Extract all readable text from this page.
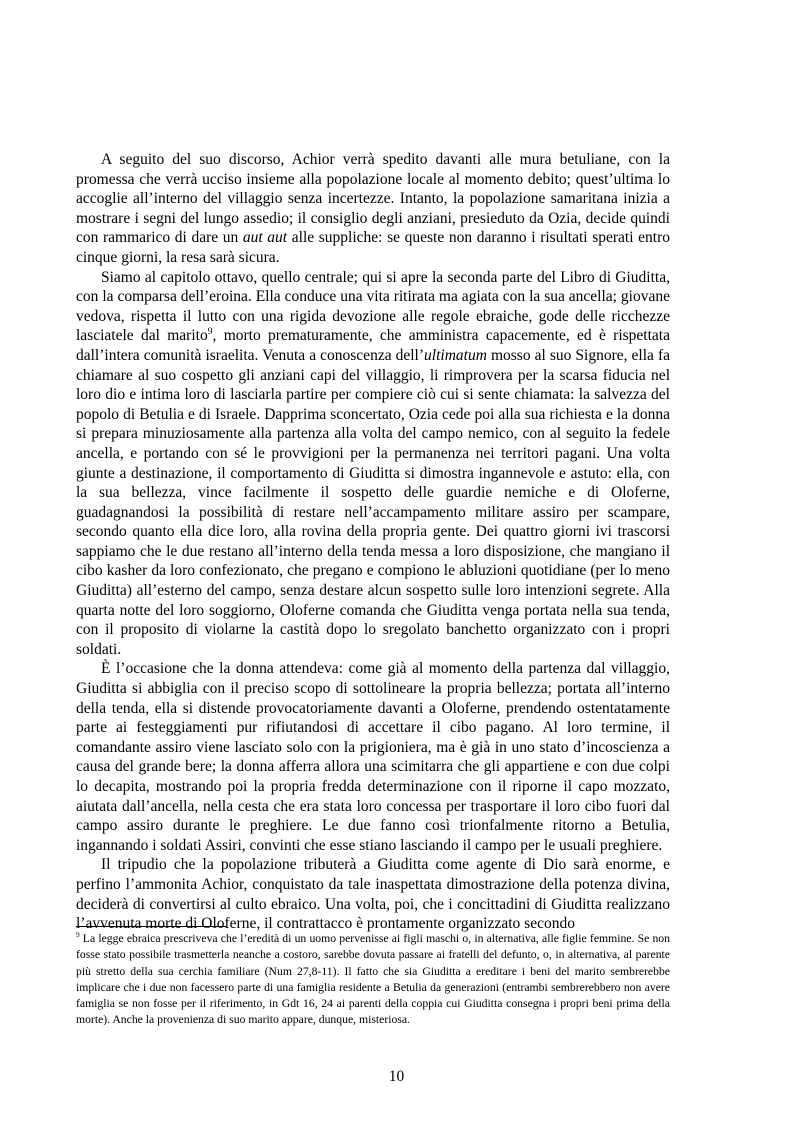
A seguito del suo discorso, Achior verrà spedito davanti alle mura betuliane, con la promessa che verrà ucciso insieme alla popolazione locale al momento debito; quest’ultima lo accoglie all’interno del villaggio senza incertezze. Intanto, la popolazione samaritana inizia a mostrare i segni del lungo assedio; il consiglio degli anziani, presieduto da Ozia, decide quindi con rammarico di dare un aut aut alle suppliche: se queste non daranno i risultati sperati entro cinque giorni, la resa sarà sicura.

Siamo al capitolo ottavo, quello centrale; qui si apre la seconda parte del Libro di Giuditta, con la comparsa dell’eroina. Ella conduce una vita ritirata ma agiata con la sua ancella; giovane vedova, rispetta il lutto con una rigida devozione alle regole ebraiche, gode delle ricchezze lasciatele dal marito$^9$, morto prematuramente, che amministra capacemente, ed è rispettata dall’intera comunità israelita. Venuta a conoscenza dell’ultimatum mosso al suo Signore, ella fa chiamare al suo cospetto gli anziani capi del villaggio, li rimprovera per la scarsa fiducia nel loro dio e intima loro di lasciarla partire per compiere ciò cui si sente chiamata: la salvezza del popolo di Betulia e di Israele. Dapprima sconcertato, Ozia cede poi alla sua richiesta e la donna si prepara minuziosamente alla partenza alla volta del campo nemico, con al seguito la fedele ancella, e portando con sé le provvigioni per la permanenza nei territori pagani. Una volta giunte a destinazione, il comportamento di Giuditta si dimostra ingannevole e astuto: ella, con la sua bellezza, vince facilmente il sospetto delle guardie nemiche e di Oloferne, guadagnandosi la possibilità di restare nell’accampamento militare assiro per scampare, secondo quanto ella dice loro, alla rovina della propria gente. Dei quattro giorni ivi trascorsi sappiamo che le due restano all’interno della tenda messa a loro disposizione, che mangiano il cibo kasher da loro confezionato, che pregano e compiono le abluzioni quotidiane (per lo meno Giuditta) all’esterno del campo, senza destare alcun sospetto sulle loro intenzioni segrete. Alla quarta notte del loro soggiorno, Oloferne comanda che Giuditta venga portata nella sua tenda, con il proposito di violarne la castità dopo lo sregolato banchetto organizzato con i propri soldati.

È l’occasione che la donna attendeva: come già al momento della partenza dal villaggio, Giuditta si abbiglia con il preciso scopo di sottolineare la propria bellezza; portata all’interno della tenda, ella si distende provocatoriamente davanti a Oloferne, prendendo ostentatamente parte ai festeggiamenti pur rifiutandosi di accettare il cibo pagano. Al loro termine, il comandante assiro viene lasciato solo con la prigioniera, ma è già in uno stato d’incoscienza a causa del grande bere; la donna afferra allora una scimitarra che gli appartiene e con due colpi lo decapita, mostrando poi la propria fredda determinazione con il riporne il capo mozzato, aiutata dall’ancella, nella cesta che era stata loro concessa per trasportare il loro cibo fuori dal campo assiro durante le preghiere. Le due fanno così trionfalmente ritorno a Betulia, ingannando i soldati Assiri, convinti che esse stiano lasciando il campo per le usuali preghiere.

Il tripudio che la popolazione tributerà a Giuditta come agente di Dio sarà enorme, e perfino l’ammonita Achior, conquistato da tale inaspettata dimostrazione della potenza divina, deciderà di convertirsi al culto ebraico. Una volta, poi, che i concittadini di Giuditta realizzano l’avvenuta morte di Oloferne, il contrattacco è prontamente organizzato secondo

$^9$ La legge ebraica prescriveva che l’eredità di un uomo pervenisse ai figli maschi o, in alternativa, alle figlie femmine. Se non fosse stato possibile trasmetterla neanche a costoro, sarebbe dovuta passare ai fratelli del defunto, o, in alternativa, al parente più stretto della sua cerchia familiare (Num 27,8-11). Il fatto che sia Giuditta a ereditare i beni del marito sembrerebbe implicare che i due non facessero parte di una famiglia residente a Betulia da generazioni (entrambi sembrerebbero non avere famiglia se non fosse per il riferimento, in Gdt 16, 24 ai parenti della coppia cui Giuditta consegna i propri beni prima della morte). Anche la provenienza di suo marito appare, dunque, misteriosa.

10
